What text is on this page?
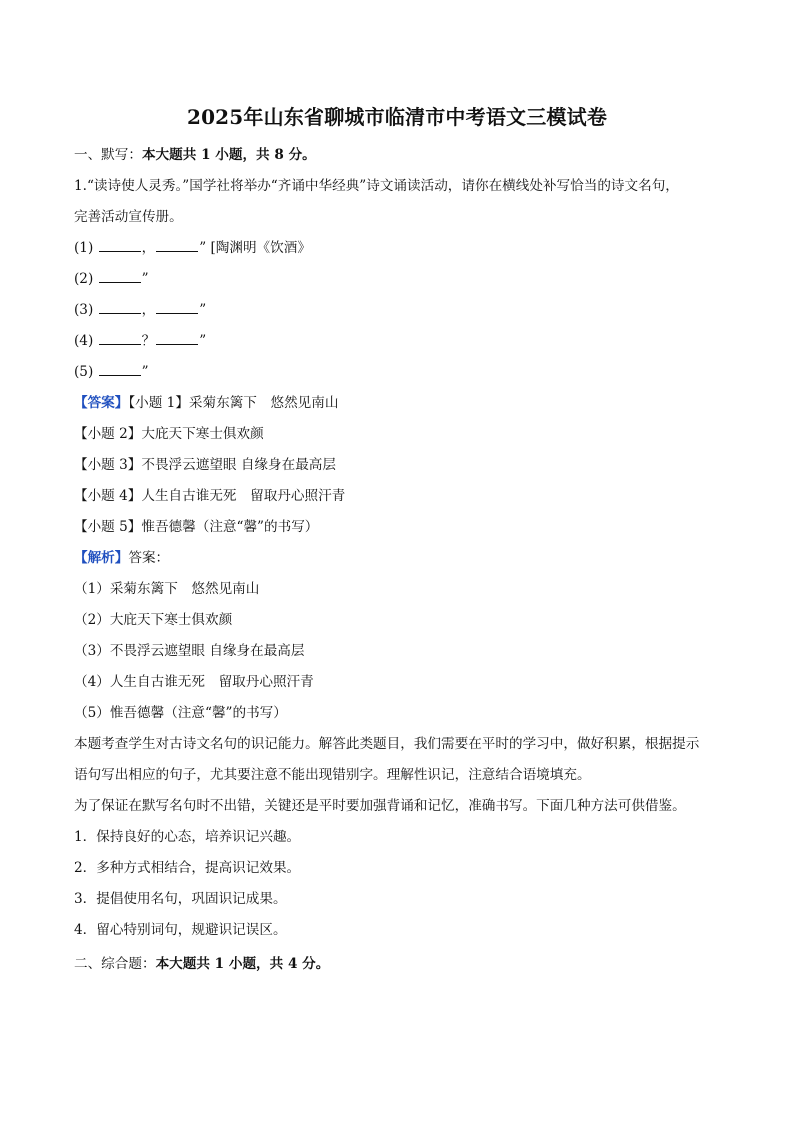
2025年山东省聊城市临清市中考语文三模试卷
一、默写：本大题共 1 小题，共 8 分。
1.“读诗使人灵秀。”国学社将举办“齐诵中华经典”诗文诵读活动，请你在横线处补写恰当的诗文名句，
完善活动宣传册。
(1)	，	” [陶渊明《饮酒》
(2)	”
(3)	，	”
(4)	？	”
(5)	”
【答案】【小题 1】采菊东篱下　悠然见南山
【小题 2】大庇天下寒士俱欢颜
【小题 3】不畏浮云遮望眼 自缘身在最高层
【小题 4】人生自古谁无死　留取丹心照汗青
【小题 5】惟吾德馨（注意“馨”的书写）
【解析】答案：
（1）采菊东篱下　悠然见南山
（2）大庇天下寒士俱欢颜
（3）不畏浮云遮望眼 自缘身在最高层
（4）人生自古谁无死　留取丹心照汗青
（5）惟吾德馨（注意“馨”的书写）
本题考查学生对古诗文名句的识记能力。解答此类题目，我们需要在平时的学习中，做好积累，根据提示
语句写出相应的句子，尤其要注意不能出现错别字。理解性识记，注意结合语境填充。
为了保证在默写名句时不出错，关键还是平时要加强背诵和记忆，准确书写。下面几种方法可供借鉴。
1．保持良好的心态，培养识记兴趣。
2．多种方式相结合，提高识记效果。
3．提倡使用名句，巩固识记成果。
4．留心特别词句，规避识记误区。
二、综合题：本大题共 1 小题，共 4 分。
